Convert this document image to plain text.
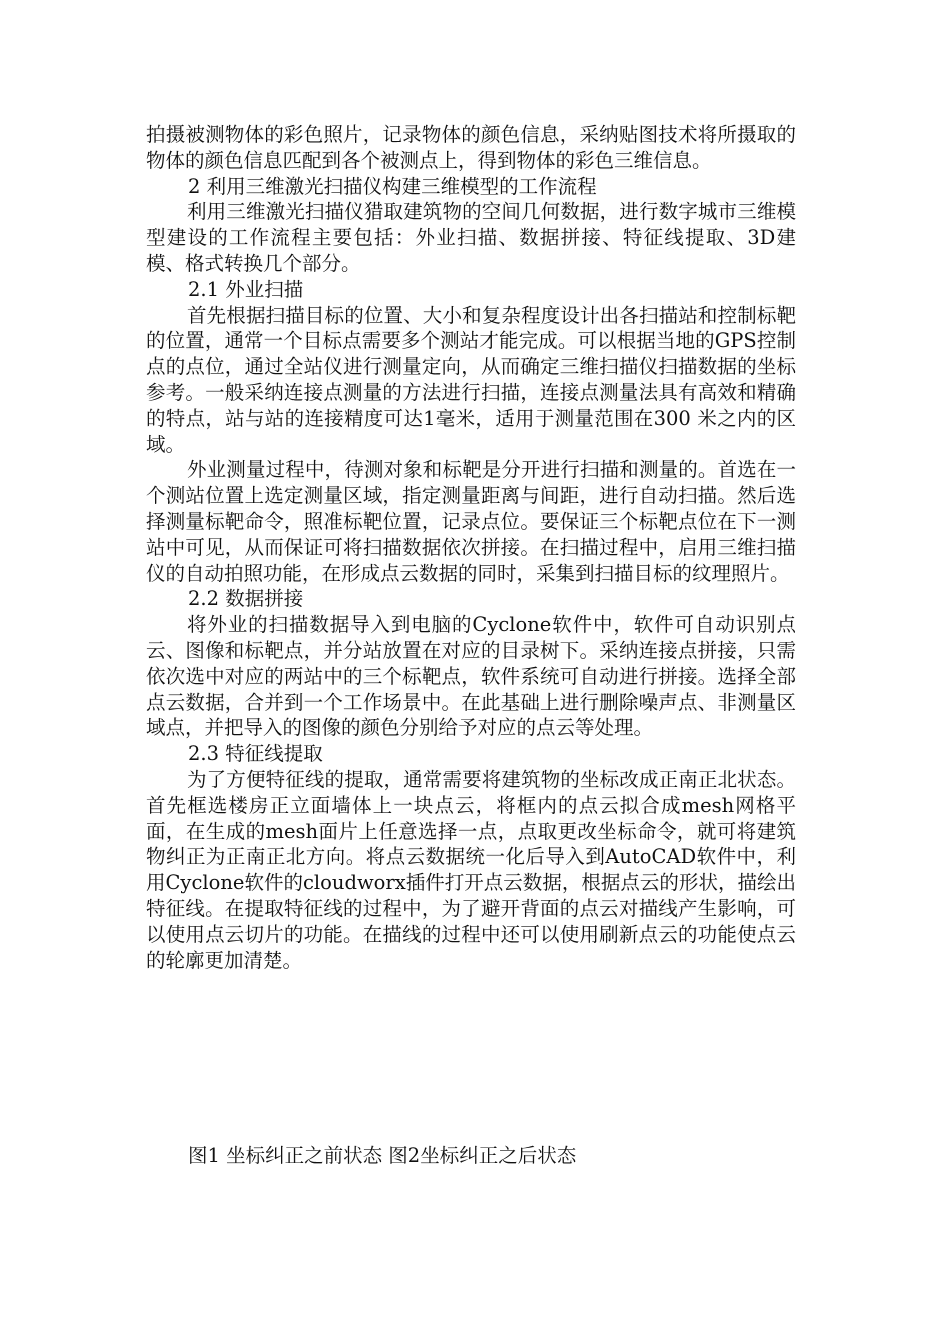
拍摄被测物体的彩色照片，记录物体的颜色信息，采纳贴图技术将所摄取的物体的颜色信息匹配到各个被测点上，得到物体的彩色三维信息。

2 利用三维激光扫描仪构建三维模型的工作流程

利用三维激光扫描仪猎取建筑物的空间几何数据，进行数字城市三维模型建设的工作流程主要包括：外业扫描、数据拼接、特征线提取、3D建模、格式转换几个部分。

2.1 外业扫描

首先根据扫描目标的位置、大小和复杂程度设计出各扫描站和控制标靶的位置，通常一个目标点需要多个测站才能完成。可以根据当地的GPS控制点的点位，通过全站仪进行测量定向，从而确定三维扫描仪扫描数据的坐标参考。一般采纳连接点测量的方法进行扫描，连接点测量法具有高效和精确的特点，站与站的连接精度可达1毫米，适用于测量范围在300 米之内的区域。

外业测量过程中，待测对象和标靶是分开进行扫描和测量的。首选在一个测站位置上选定测量区域，指定测量距离与间距，进行自动扫描。然后选择测量标靶命令，照准标靶位置，记录点位。要保证三个标靶点位在下一测站中可见，从而保证可将扫描数据依次拼接。在扫描过程中，启用三维扫描仪的自动拍照功能，在形成点云数据的同时，采集到扫描目标的纹理照片。

2.2 数据拼接

将外业的扫描数据导入到电脑的Cyclone软件中，软件可自动识别点云、图像和标靶点，并分站放置在对应的目录树下。采纳连接点拼接，只需依次选中对应的两站中的三个标靶点，软件系统可自动进行拼接。选择全部点云数据，合并到一个工作场景中。在此基础上进行删除噪声点、非测量区域点，并把导入的图像的颜色分别给予对应的点云等处理。

2.3 特征线提取

为了方便特征线的提取，通常需要将建筑物的坐标改成正南正北状态。首先框选楼房正立面墙体上一块点云，将框内的点云拟合成mesh网格平面，在生成的mesh面片上任意选择一点，点取更改坐标命令，就可将建筑物纠正为正南正北方向。将点云数据统一化后导入到AutoCAD软件中，利用Cyclone软件的cloudworx插件打开点云数据，根据点云的形状，描绘出特征线。在提取特征线的过程中，为了避开背面的点云对描线产生影响，可以使用点云切片的功能。在描线的过程中还可以使用刷新点云的功能使点云的轮廓更加清楚。

图1 坐标纠正之前状态 图2坐标纠正之后状态
